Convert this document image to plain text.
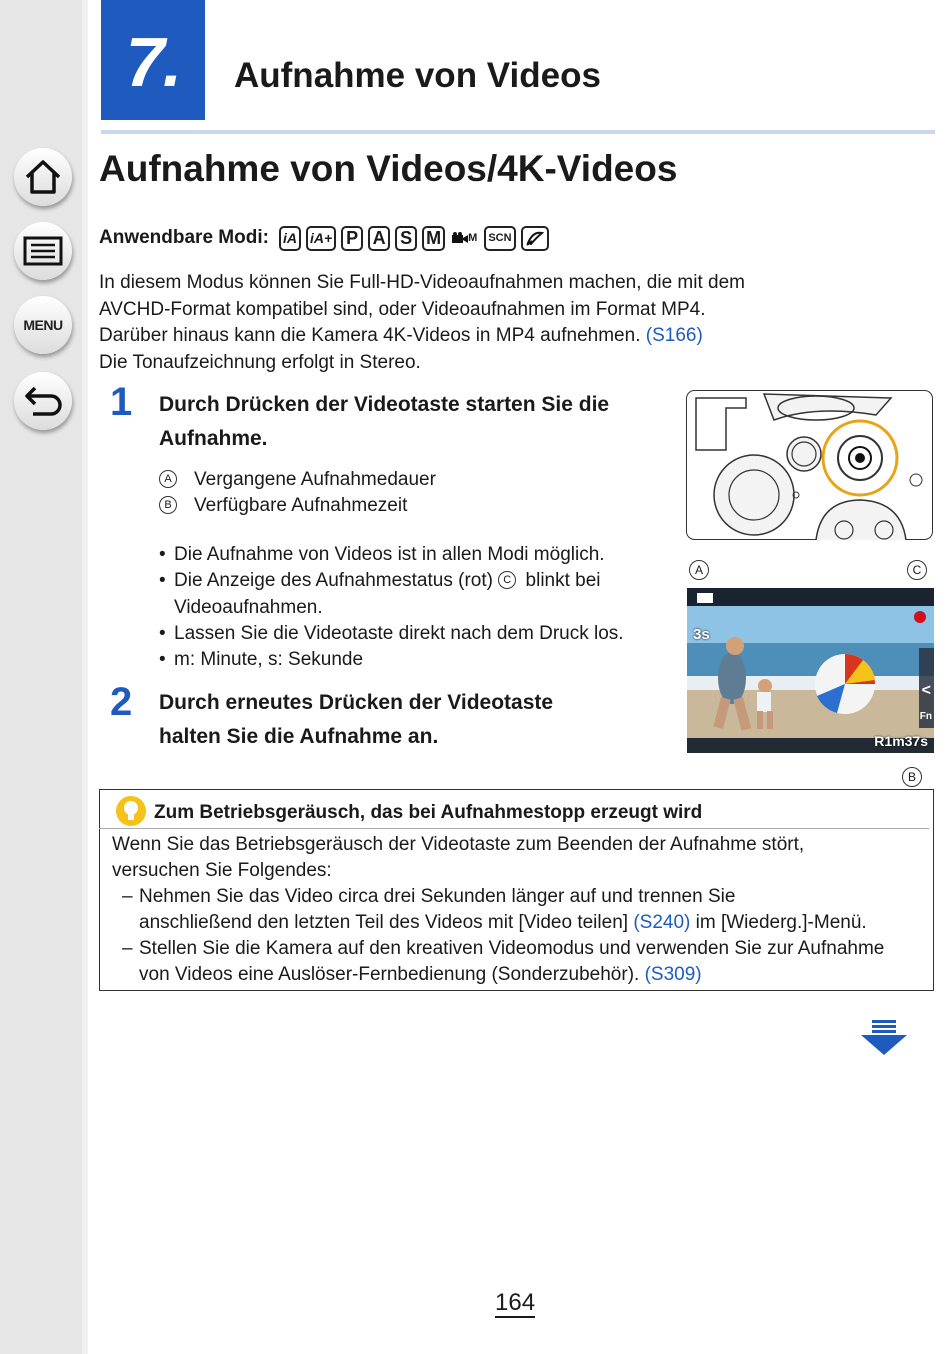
MENU
7. Aufnahme von Videos
Aufnahme von Videos/4K-Videos
Anwendbare Modi: iA iA+ P A S M M SCN
In diesem Modus können Sie Full-HD-Videoaufnahmen machen, die mit dem
AVCHD-Format kompatibel sind, oder Videoaufnahmen im Format MP4.
Darüber hinaus kann die Kamera 4K-Videos in MP4 aufnehmen. (S166)
Die Tonaufzeichnung erfolgt in Stereo.
1 Durch Drücken der Videotaste starten Sie die
Aufnahme.
A Vergangene Aufnahmedauer
B Verfügbare Aufnahmezeit
A	C
3s
R1m37s
Fn
<
B
• Die Aufnahme von Videos ist in allen Modi möglich.
• Die Anzeige des Aufnahmestatus (rot) C blinkt bei
Videoaufnahmen.
• Lassen Sie die Videotaste direkt nach dem Druck los.
• m: Minute, s: Sekunde
2 Durch erneutes Drücken der Videotaste
halten Sie die Aufnahme an.
Zum Betriebsgeräusch, das bei Aufnahmestopp erzeugt wird
Wenn Sie das Betriebsgeräusch der Videotaste zum Beenden der Aufnahme stört,
versuchen Sie Folgendes:
– Nehmen Sie das Video circa drei Sekunden länger auf und trennen Sie
anschließend den letzten Teil des Videos mit [Video teilen] (S240) im [Wiederg.]-Menü.
– Stellen Sie die Kamera auf den kreativen Videomodus und verwenden Sie zur Aufnahme
von Videos eine Auslöser-Fernbedienung (Sonderzubehör). (S309)
164
